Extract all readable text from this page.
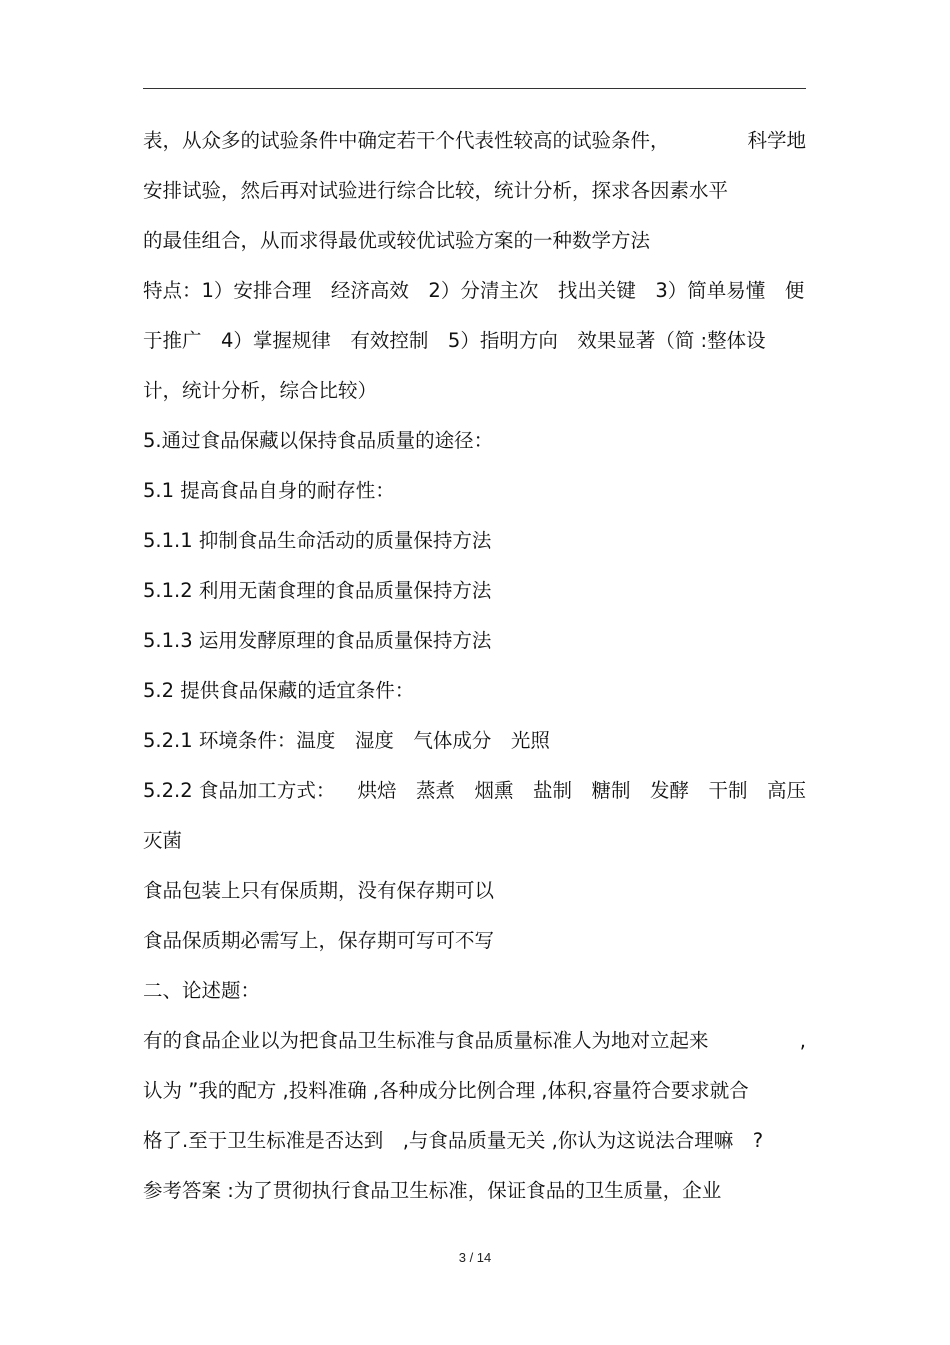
表，从众多的试验条件中确定若干个代表性较高的试验条件，	科学地
安排试验，然后再对试验进行综合比较，统计分析，探求各因素水平
的最佳组合，从而求得最优或较优试验方案的一种数学方法
特点：1）安排合理　经济高效　2）分清主次　找出关键　3）简单易懂　便
于推广　4）掌握规律　有效控制　5）指明方向　效果显著（简 :整体设
计，统计分析，综合比较）
5.通过食品保藏以保持食品质量的途径：
5.1 提高食品自身的耐存性：
5.1.1 抑制食品生命活动的质量保持方法
5.1.2 利用无菌食理的食品质量保持方法
5.1.3 运用发酵原理的食品质量保持方法
5.2 提供食品保藏的适宜条件：
5.2.1 环境条件：温度　湿度　气体成分　光照
5.2.2 食品加工方式： 烘焙　蒸煮　烟熏　盐制　糖制　发酵　干制　高压
灭菌
食品包装上只有保质期，没有保存期可以
食品保质期必需写上，保存期可写可不写
二、论述题：
有的食品企业以为把食品卫生标准与食品质量标准人为地对立起来	,
认为 ”我的配方 ,投料准确 ,各种成分比例合理 ,体积,容量符合要求就合
格了.至于卫生标准是否达到　,与食品质量无关 ,你认为这说法合理嘛　?
参考答案 :为了贯彻执行食品卫生标准，保证食品的卫生质量，企业
3 / 14
